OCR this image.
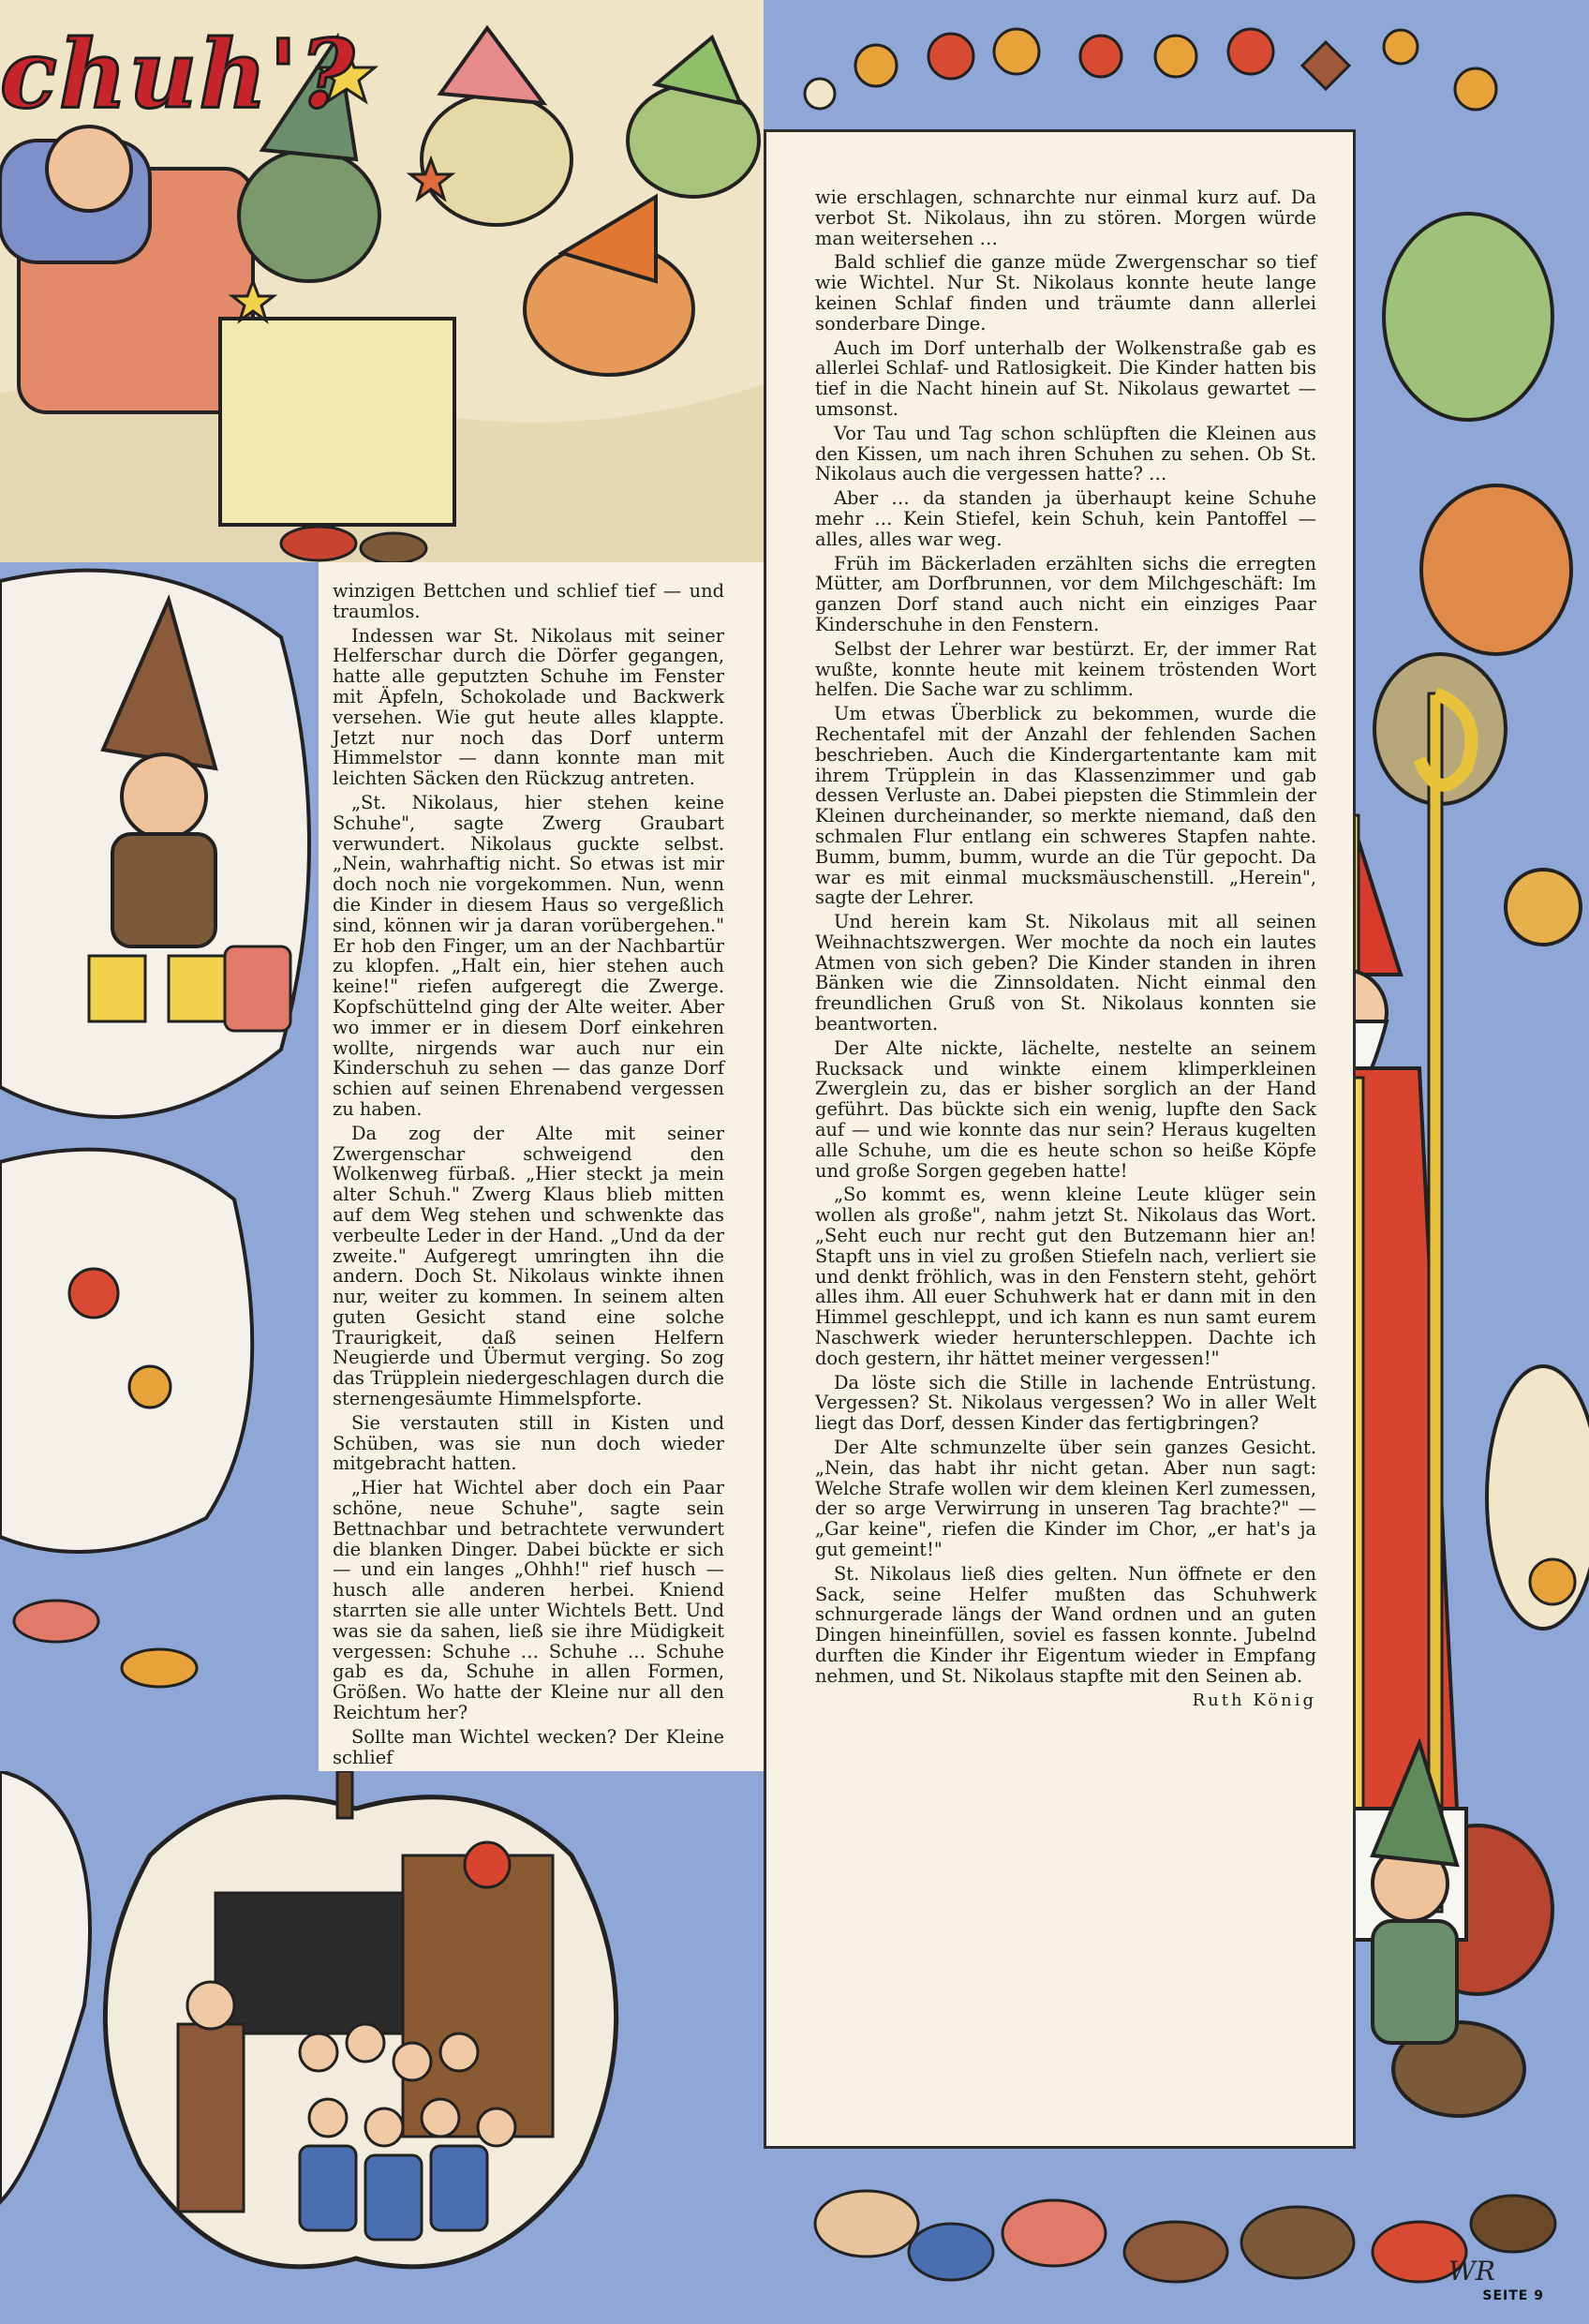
chuh'?

winzigen Bettchen und schlief tief — und traumlos.

Indessen war St. Nikolaus mit seiner Helferschar durch die Dörfer gegangen, hatte alle geputzten Schuhe im Fenster mit Äpfeln, Schokolade und Backwerk versehen. Wie gut heute alles klappte. Jetzt nur noch das Dorf unterm Himmelstor — dann konnte man mit leichten Säcken den Rückzug antreten.

„St. Nikolaus, hier stehen keine Schuhe", sagte Zwerg Graubart verwundert. Nikolaus guckte selbst. „Nein, wahrhaftig nicht. So etwas ist mir doch noch nie vorgekommen. Nun, wenn die Kinder in diesem Haus so vergeßlich sind, können wir ja daran vorübergehen." Er hob den Finger, um an der Nachbartür zu klopfen. „Halt ein, hier stehen auch keine!" riefen aufgeregt die Zwerge. Kopfschüttelnd ging der Alte weiter. Aber wo immer er in diesem Dorf einkehren wollte, nirgends war auch nur ein Kinderschuh zu sehen — das ganze Dorf schien auf seinen Ehrenabend vergessen zu haben.

Da zog der Alte mit seiner Zwergenschar schweigend den Wolkenweg fürbaß. „Hier steckt ja mein alter Schuh." Zwerg Klaus blieb mitten auf dem Weg stehen und schwenkte das verbeulte Leder in der Hand. „Und da der zweite." Aufgeregt umringten ihn die andern. Doch St. Nikolaus winkte ihnen nur, weiter zu kommen. In seinem alten guten Gesicht stand eine solche Traurigkeit, daß seinen Helfern Neugierde und Übermut verging. So zog das Trüpplein niedergeschlagen durch die sternengesäumte Himmelspforte.

Sie verstauten still in Kisten und Schüben, was sie nun doch wieder mitgebracht hatten.

„Hier hat Wichtel aber doch ein Paar schöne, neue Schuhe", sagte sein Bettnachbar und betrachtete verwundert die blanken Dinger. Dabei bückte er sich — und ein langes „Ohhh!" rief husch — husch alle anderen herbei. Kniend starrten sie alle unter Wichtels Bett. Und was sie da sahen, ließ sie ihre Müdigkeit vergessen: Schuhe … Schuhe … Schuhe gab es da, Schuhe in allen Formen, Größen. Wo hatte der Kleine nur all den Reichtum her?

Sollte man Wichtel wecken? Der Kleine schlief

wie erschlagen, schnarchte nur einmal kurz auf. Da verbot St. Nikolaus, ihn zu stören. Morgen würde man weitersehen …

Bald schlief die ganze müde Zwergenschar so tief wie Wichtel. Nur St. Nikolaus konnte heute lange keinen Schlaf finden und träumte dann allerlei sonderbare Dinge.

Auch im Dorf unterhalb der Wolkenstraße gab es allerlei Schlaf- und Ratlosigkeit. Die Kinder hatten bis tief in die Nacht hinein auf St. Nikolaus gewartet — umsonst.

Vor Tau und Tag schon schlüpften die Kleinen aus den Kissen, um nach ihren Schuhen zu sehen. Ob St. Nikolaus auch die vergessen hatte? …

Aber … da standen ja überhaupt keine Schuhe mehr … Kein Stiefel, kein Schuh, kein Pantoffel — alles, alles war weg.

Früh im Bäckerladen erzählten sichs die erregten Mütter, am Dorfbrunnen, vor dem Milchgeschäft: Im ganzen Dorf stand auch nicht ein einziges Paar Kinderschuhe in den Fenstern.

Selbst der Lehrer war bestürzt. Er, der immer Rat wußte, konnte heute mit keinem tröstenden Wort helfen. Die Sache war zu schlimm.

Um etwas Überblick zu bekommen, wurde die Rechentafel mit der Anzahl der fehlenden Sachen beschrieben. Auch die Kindergartentante kam mit ihrem Trüpplein in das Klassenzimmer und gab dessen Verluste an. Dabei piepsten die Stimmlein der Kleinen durcheinander, so merkte niemand, daß den schmalen Flur entlang ein schweres Stapfen nahte. Bumm, bumm, bumm, wurde an die Tür gepocht. Da war es mit einmal mucksmäuschenstill. „Herein", sagte der Lehrer.

Und herein kam St. Nikolaus mit all seinen Weihnachtszwergen. Wer mochte da noch ein lautes Atmen von sich geben? Die Kinder standen in ihren Bänken wie die Zinnsoldaten. Nicht einmal den freundlichen Gruß von St. Nikolaus konnten sie beantworten.

Der Alte nickte, lächelte, nestelte an seinem Rucksack und winkte einem klimperkleinen Zwerglein zu, das er bisher sorglich an der Hand geführt. Das bückte sich ein wenig, lupfte den Sack auf — und wie konnte das nur sein? Heraus kugelten alle Schuhe, um die es heute schon so heiße Köpfe und große Sorgen gegeben hatte!

„So kommt es, wenn kleine Leute klüger sein wollen als große", nahm jetzt St. Nikolaus das Wort. „Seht euch nur recht gut den Butzemann hier an! Stapft uns in viel zu großen Stiefeln nach, verliert sie und denkt fröhlich, was in den Fenstern steht, gehört alles ihm. All euer Schuhwerk hat er dann mit in den Himmel geschleppt, und ich kann es nun samt eurem Naschwerk wieder herunterschleppen. Dachte ich doch gestern, ihr hättet meiner vergessen!"

Da löste sich die Stille in lachende Entrüstung. Vergessen? St. Nikolaus vergessen? Wo in aller Welt liegt das Dorf, dessen Kinder das fertigbringen?

Der Alte schmunzelte über sein ganzes Gesicht. „Nein, das habt ihr nicht getan. Aber nun sagt: Welche Strafe wollen wir dem kleinen Kerl zumessen, der so arge Verwirrung in unseren Tag brachte?" — „Gar keine", riefen die Kinder im Chor, „er hat's ja gut gemeint!"

St. Nikolaus ließ dies gelten. Nun öffnete er den Sack, seine Helfer mußten das Schuhwerk schnurgerade längs der Wand ordnen und an guten Dingen hineinfüllen, soviel es fassen konnte. Jubelnd durften die Kinder ihr Eigentum wieder in Empfang nehmen, und St. Nikolaus stapfte mit den Seinen ab.

Ruth König
WR
SEITE 9
